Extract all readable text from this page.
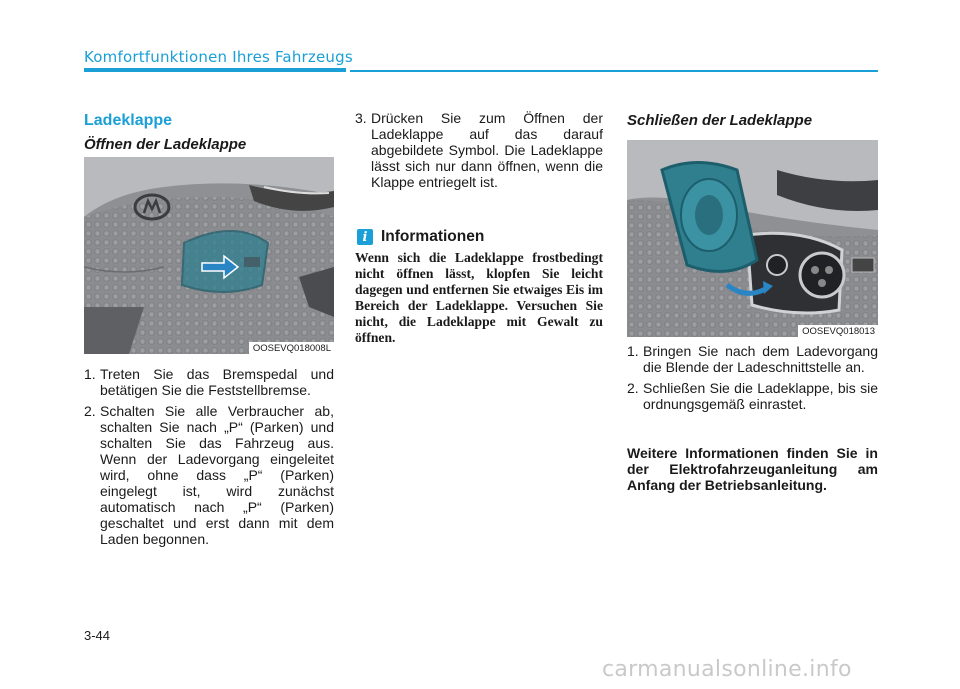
Komfortfunktionen Ihres Fahrzeugs
Ladeklappe
Öffnen der Ladeklappe
OOSEVQ018008L
1. Treten Sie das Bremspedal und betätigen Sie die Feststellbremse.
2. Schalten Sie alle Verbraucher ab, schalten Sie nach „P“ (Parken) und schalten Sie das Fahrzeug aus. Wenn der Ladevorgang eingeleitet wird, ohne dass „P“ (Parken) eingelegt ist, wird zunächst automatisch nach „P“ (Parken) geschaltet und erst dann mit dem Laden begonnen.
3. Drücken Sie zum Öffnen der Ladeklappe auf das darauf abgebildete Symbol. Die Ladeklappe lässt sich nur dann öffnen, wenn die Klappe entriegelt ist.
i Informationen

Wenn sich die Ladeklappe frostbedingt nicht öffnen lässt, klopfen Sie leicht dagegen und entfernen Sie etwaiges Eis im Bereich der Ladeklappe. Versuchen Sie nicht, die Ladeklappe mit Gewalt zu öffnen.

Schließen der Ladeklappe
OOSEVQ018013
1. Bringen Sie nach dem Ladevorgang die Blende der Ladeschnittstelle an.
2. Schließen Sie die Ladeklappe, bis sie ordnungsgemäß einrastet.

Weitere Informationen finden Sie in der Elektrofahrzeuganleitung am Anfang der Betriebsanleitung.

3-44
carmanualsonline.info
